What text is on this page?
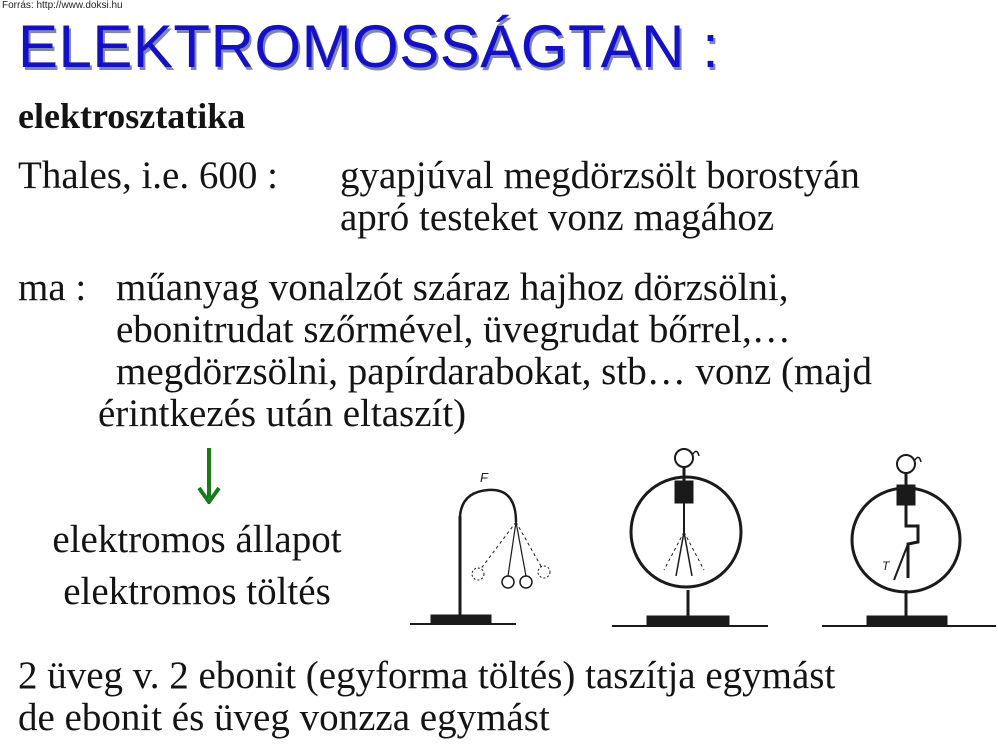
Forrás: http://www.doksi.hu
ELEKTROMOSSÁGTAN :
elektrosztatika
Thales, i.e. 600 : gyapjúval megdörzsölt borostyán
apró testeket vonz magához
ma : műanyag vonalzót száraz hajhoz dörzsölni,
ebonitrudat szőrmével, üvegrudat bőrrel,…
megdörzsölni, papírdarabokat, stb… vonz (majd
érintkezés után eltaszít)
elektromos állapot
elektromos töltés
F
T
2 üveg v. 2 ebonit (egyforma töltés) taszítja egymást
de ebonit és üveg vonzza egymást
